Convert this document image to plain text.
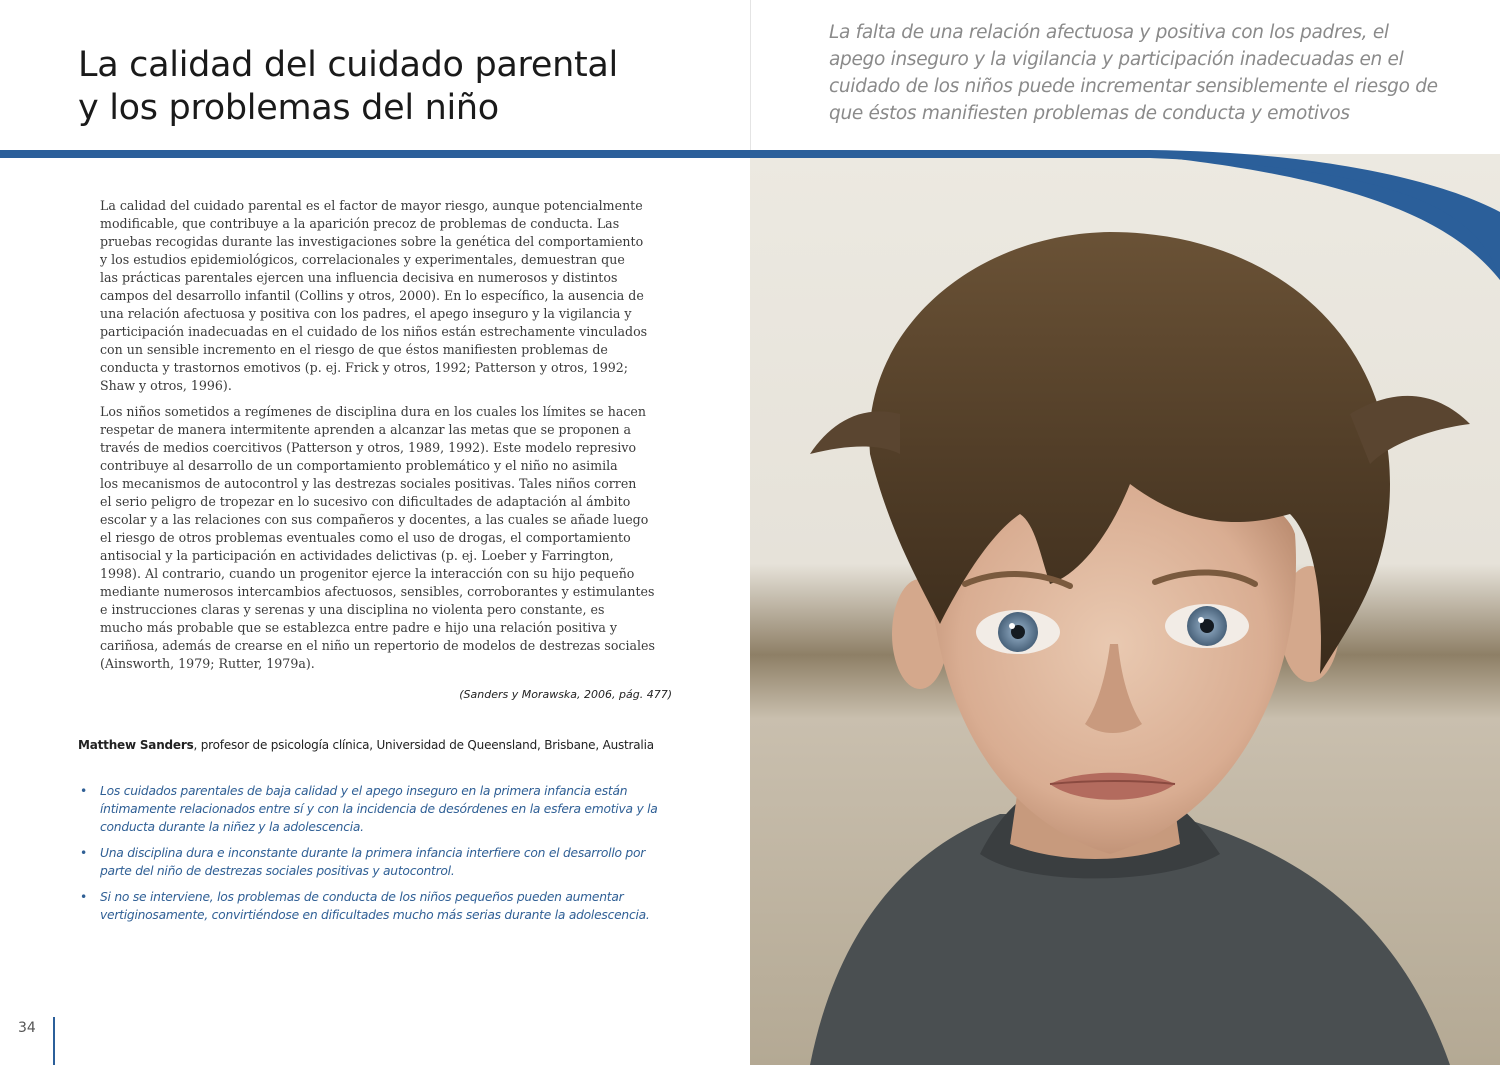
La calidad del cuidado parental
y los problemas del niño
La falta de una relación afectuosa y positiva con los padres, el
apego inseguro y la vigilancia y participación inadecuadas en el
cuidado de los niños puede incrementar sensiblemente el riesgo de
que éstos manifiesten problemas de conducta y emotivos

La calidad del cuidado parental es el factor de mayor riesgo, aunque potencialmente
modificable, que contribuye a la aparición precoz de problemas de conducta. Las
pruebas recogidas durante las investigaciones sobre la genética del comportamiento
y los estudios epidemiológicos, correlacionales y experimentales, demuestran que
las prácticas parentales ejercen una influencia decisiva en numerosos y distintos
campos del desarrollo infantil (Collins y otros, 2000). En lo específico, la ausencia de
una relación afectuosa y positiva con los padres, el apego inseguro y la vigilancia y
participación inadecuadas en el cuidado de los niños están estrechamente vinculados
con un sensible incremento en el riesgo de que éstos manifiesten problemas de
conducta y trastornos emotivos (p. ej. Frick y otros, 1992; Patterson y otros, 1992;
Shaw y otros, 1996).

Los niños sometidos a regímenes de disciplina dura en los cuales los límites se hacen
respetar de manera intermitente aprenden a alcanzar las metas que se proponen a
través de medios coercitivos (Patterson y otros, 1989, 1992). Este modelo represivo
contribuye al desarrollo de un comportamiento problemático y el niño no asimila
los mecanismos de autocontrol y las destrezas sociales positivas. Tales niños corren
el serio peligro de tropezar en lo sucesivo con dificultades de adaptación al ámbito
escolar y a las relaciones con sus compañeros y docentes, a las cuales se añade luego
el riesgo de otros problemas eventuales como el uso de drogas, el comportamiento
antisocial y la participación en actividades delictivas (p. ej. Loeber y Farrington,
1998). Al contrario, cuando un progenitor ejerce la interacción con su hijo pequeño
mediante numerosos intercambios afectuosos, sensibles, corroborantes y estimulantes
e instrucciones claras y serenas y una disciplina no violenta pero constante, es
mucho más probable que se establezca entre padre e hijo una relación positiva y
cariñosa, además de crearse en el niño un repertorio de modelos de destrezas sociales
(Ainsworth, 1979; Rutter, 1979a).

(Sanders y Morawska, 2006, pág. 477)
Matthew Sanders, profesor de psicología clínica, Universidad de Queensland, Brisbane, Australia
• Los cuidados parentales de baja calidad y el apego inseguro en la primera infancia están
íntimamente relacionados entre sí y con la incidencia de desórdenes en la esfera emotiva y la
conducta durante la niñez y la adolescencia.
• Una disciplina dura e inconstante durante la primera infancia interfiere con el desarrollo por
parte del niño de destrezas sociales positivas y autocontrol.
• Si no se interviene, los problemas de conducta de los niños pequeños pueden aumentar
vertiginosamente, convirtiéndose en dificultades mucho más serias durante la adolescencia.
34
